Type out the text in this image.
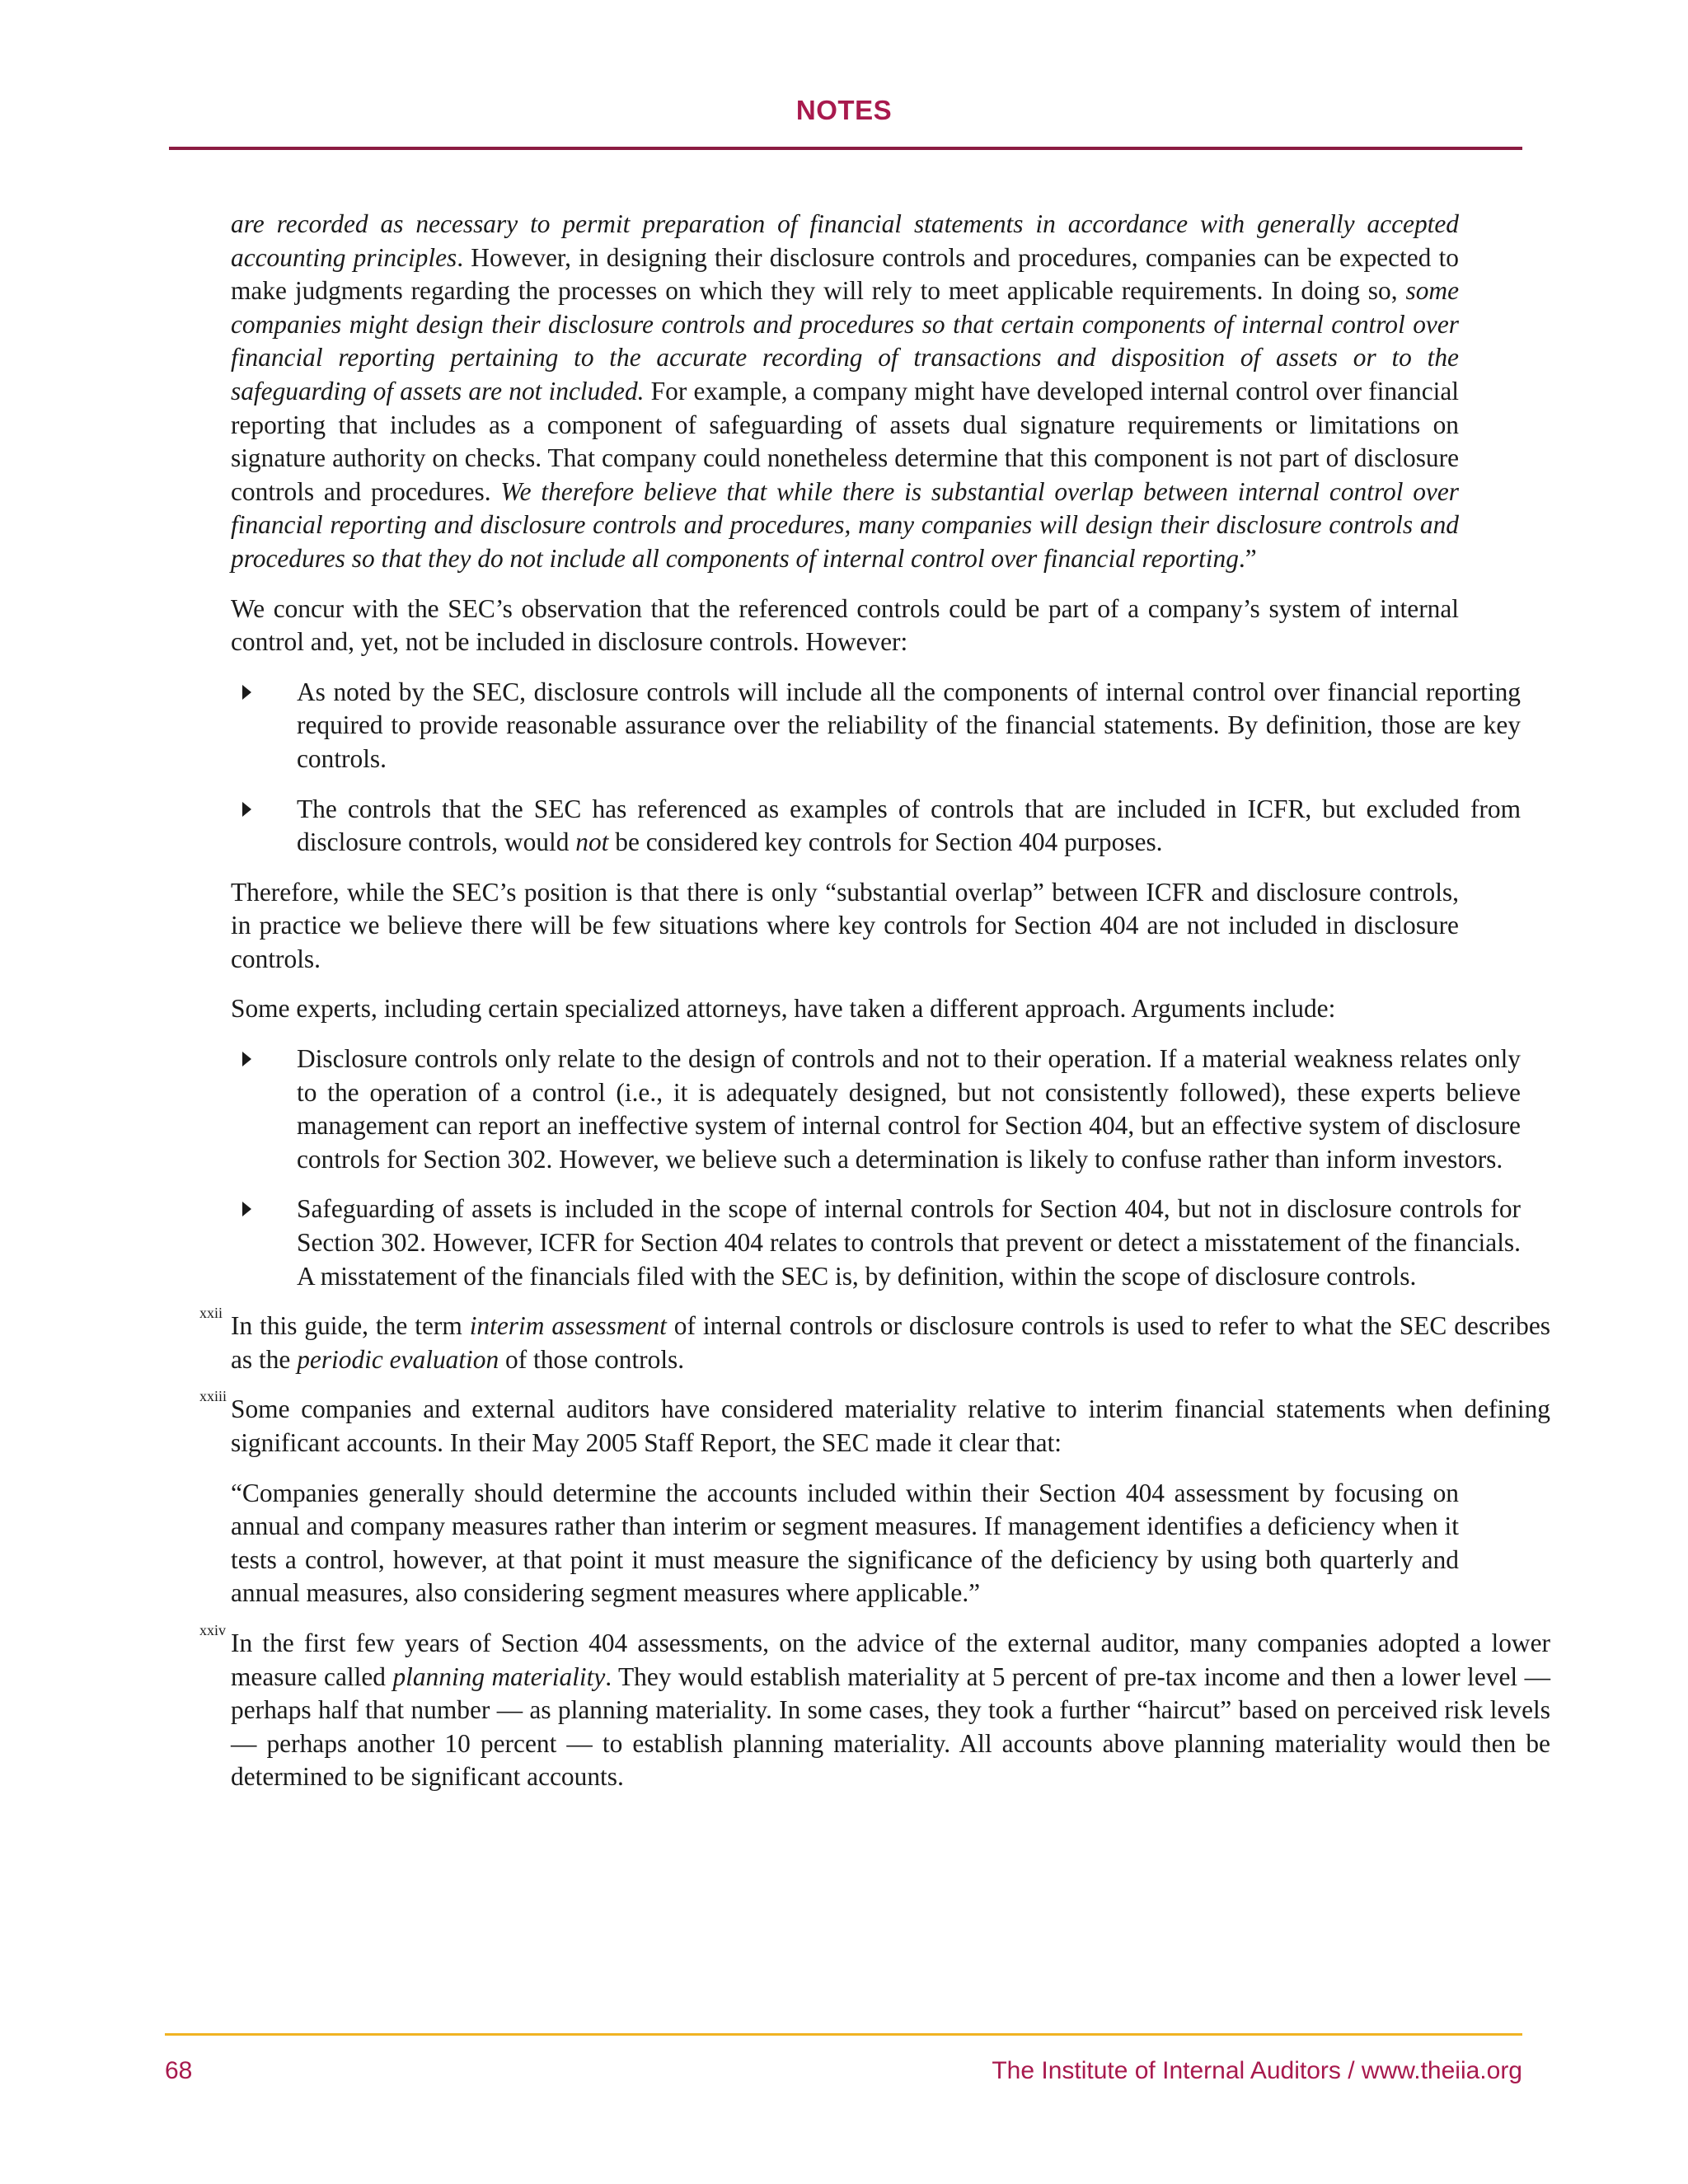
NOTES

are recorded as necessary to permit preparation of financial statements in accordance with generally accepted accounting principles. However, in designing their disclosure controls and procedures, companies can be expected to make judgments regarding the processes on which they will rely to meet applicable requirements. In doing so, some companies might design their disclosure controls and procedures so that certain components of internal control over financial reporting pertaining to the accurate recording of transactions and disposition of assets or to the safeguarding of assets are not included. For example, a company might have developed internal control over financial reporting that includes as a component of safeguarding of assets dual signature requirements or limitations on signature authority on checks. That company could nonetheless determine that this component is not part of disclosure controls and procedures. We therefore believe that while there is substantial overlap between internal control over financial reporting and disclosure controls and procedures, many companies will design their disclosure controls and procedures so that they do not include all components of internal control over financial reporting.”

We concur with the SEC’s observation that the referenced controls could be part of a company’s system of internal control and, yet, not be included in disclosure controls. However:

As noted by the SEC, disclosure controls will include all the components of internal control over financial reporting required to provide reasonable assurance over the reliability of the financial statements. By definition, those are key controls.
The controls that the SEC has referenced as examples of controls that are included in ICFR, but excluded from disclosure controls, would not be considered key controls for Section 404 purposes.

Therefore, while the SEC’s position is that there is only “substantial overlap” between ICFR and disclosure controls, in practice we believe there will be few situations where key controls for Section 404 are not included in disclosure controls.

Some experts, including certain specialized attorneys, have taken a different approach. Arguments include:

Disclosure controls only relate to the design of controls and not to their operation. If a material weakness relates only to the operation of a control (i.e., it is adequately designed, but not consistently followed), these experts believe management can report an ineffective system of internal control for Section 404, but an effective system of disclosure controls for Section 302. However, we believe such a determination is likely to confuse rather than inform investors.
Safeguarding of assets is included in the scope of internal controls for Section 404, but not in disclosure controls for Section 302. However, ICFR for Section 404 relates to controls that prevent or detect a misstatement of the financials. A misstatement of the financials filed with the SEC is, by definition, within the scope of disclosure controls.

xxii In this guide, the term interim assessment of internal controls or disclosure controls is used to refer to what the SEC describes as the periodic evaluation of those controls.

xxiii Some companies and external auditors have considered materiality relative to interim financial statements when defining significant accounts. In their May 2005 Staff Report, the SEC made it clear that:

“Companies generally should determine the accounts included within their Section 404 assessment by focusing on annual and company measures rather than interim or segment measures. If management identifies a deficiency when it tests a control, however, at that point it must measure the significance of the deficiency by using both quarterly and annual measures, also considering segment measures where applicable.”

xxiv In the first few years of Section 404 assessments, on the advice of the external auditor, many companies adopted a lower measure called planning materiality. They would establish materiality at 5 percent of pre-tax income and then a lower level — perhaps half that number — as planning materiality. In some cases, they took a further “haircut” based on perceived risk levels — perhaps another 10 percent — to establish planning materiality. All accounts above planning materiality would then be determined to be significant accounts.

68	The Institute of Internal Auditors / www.theiia.org
